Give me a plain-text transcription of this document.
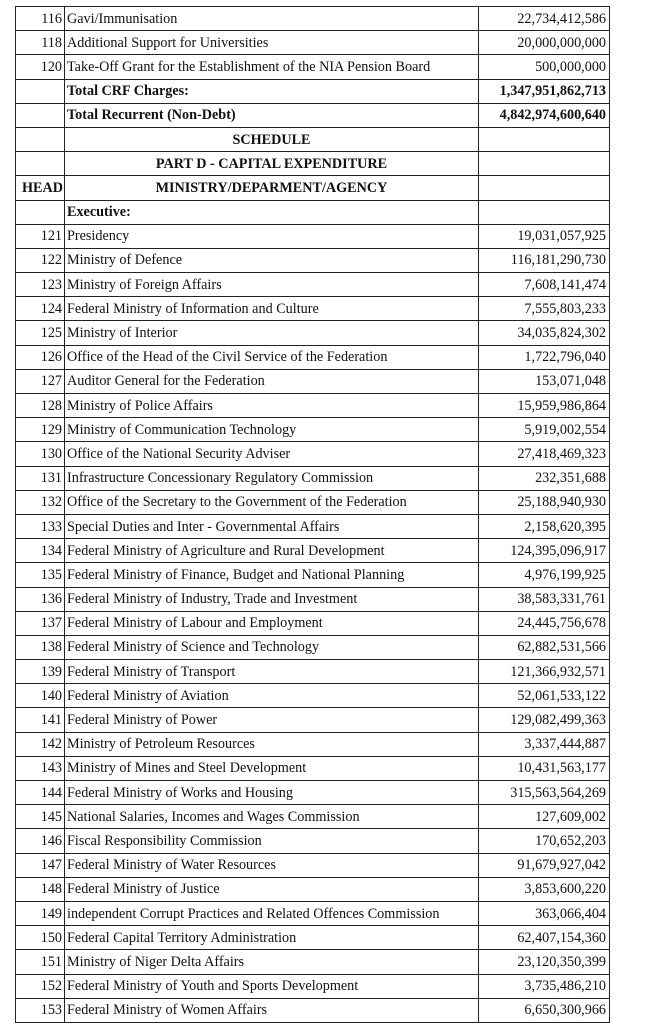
116	Gavi/Immunisation	22,734,412,586
118	Additional Support for Universities	20,000,000,000
120	Take-Off Grant for the Establishment of the NIA Pension Board	500,000,000
	Total CRF Charges:	1,347,951,862,713
	Total Recurrent (Non-Debt)	4,842,974,600,640
	SCHEDULE	
	PART D - CAPITAL EXPENDITURE	
HEAD	MINISTRY/DEPARMENT/AGENCY	
	Executive:	
121	Presidency	19,031,057,925
122	Ministry of Defence	116,181,290,730
123	Ministry of Foreign Affairs	7,608,141,474
124	Federal Ministry of Information and Culture	7,555,803,233
125	Ministry of Interior	34,035,824,302
126	Office of the Head of the Civil Service of the Federation	1,722,796,040
127	Auditor General for the Federation	153,071,048
128	Ministry of Police Affairs	15,959,986,864
129	Ministry of Communication Technology	5,919,002,554
130	Office of the National Security Adviser	27,418,469,323
131	Infrastructure Concessionary Regulatory Commission	232,351,688
132	Office of the Secretary to the Government of the Federation	25,188,940,930
133	Special Duties and Inter - Governmental Affairs	2,158,620,395
134	Federal Ministry of Agriculture and Rural Development	124,395,096,917
135	Federal Ministry of Finance, Budget and National Planning	4,976,199,925
136	Federal Ministry of Industry, Trade and Investment	38,583,331,761
137	Federal Ministry of Labour and Employment	24,445,756,678
138	Federal Ministry of Science and Technology	62,882,531,566
139	Federal Ministry of Transport	121,366,932,571
140	Federal Ministry of Aviation	52,061,533,122
141	Federal Ministry of Power	129,082,499,363
142	Ministry of Petroleum Resources	3,337,444,887
143	Ministry of Mines and Steel Development	10,431,563,177
144	Federal Ministry of Works and Housing	315,563,564,269
145	National Salaries, Incomes and Wages Commission	127,609,002
146	Fiscal Responsibility Commission	170,652,203
147	Federal Ministry of Water Resources	91,679,927,042
148	Federal Ministry of Justice	3,853,600,220
149	independent Corrupt Practices and Related Offences Commission	363,066,404
150	Federal Capital Territory Administration	62,407,154,360
151	Ministry of Niger Delta Affairs	23,120,350,399
152	Federal Ministry of Youth and Sports Development	3,735,486,210
153	Federal Ministry of Women Affairs	6,650,300,966
